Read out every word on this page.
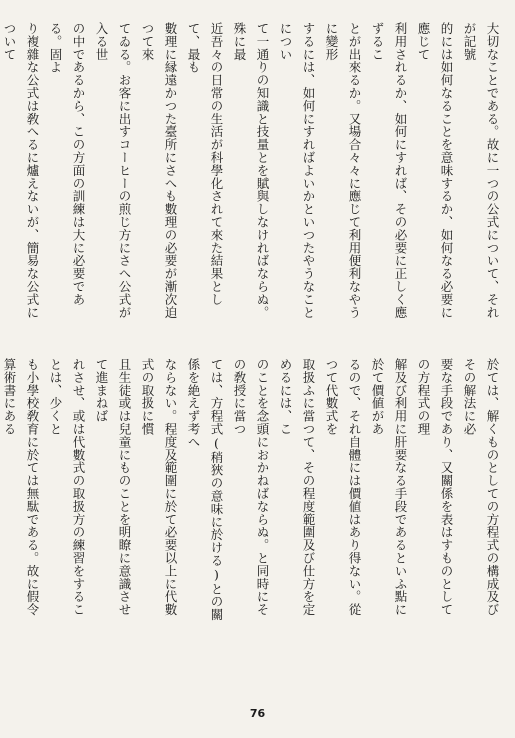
大切なことである。故に一つの公式について、それが記號
的には如何なることを意味するか、如何なる必要に應じて
利用されるか、如何にすれば、その必要に正しく應ずるこ
とが出來るか。又場合々々に應じて利用便利なやうに變形
するには、如何にすればよいかといつたやうなことについ
て一通りの知識と技量とを賦與しなければならぬ。殊に最
近吾々の日常の生活が科學化されて來た結果として、最も
數理に縁遠かつた臺所にさへも數理の必要が漸次迫つて來
てゐる。お客に出すコーヒーの煎じ方にさへ公式が入る世
の中であるから、この方面の訓練は大に必要である。固よ
り複雜な公式は敎へるに爐えないが、簡易な公式について
於ては、解くものとしての方程式の構成及びその解法に必
要な手段であり、又關係を表はすものとしての方程式の理
解及び利用に肝要なる手段であるといふ點に於て價値があ
るので、それ自體には價値はあり得ない。從つて代數式を
取扱ふに當つて、その程度範圍及び仕方を定めるには、こ
のことを念頭におかねばならぬ。と同時にその敎授に當つ
ては、方程式(稍狹の意味に於ける)との關係を絶えず考へ
ならない。程度及範圍に於て必要以上に代數式の取扱に慣
且生徒或は兒童にものことを明瞭に意識させて進まねば
れさせ、或は代數式の取扱方の練習をすることは、少くと
も小學校敎育に於ては無駄である。故に假令算術書にある
76
